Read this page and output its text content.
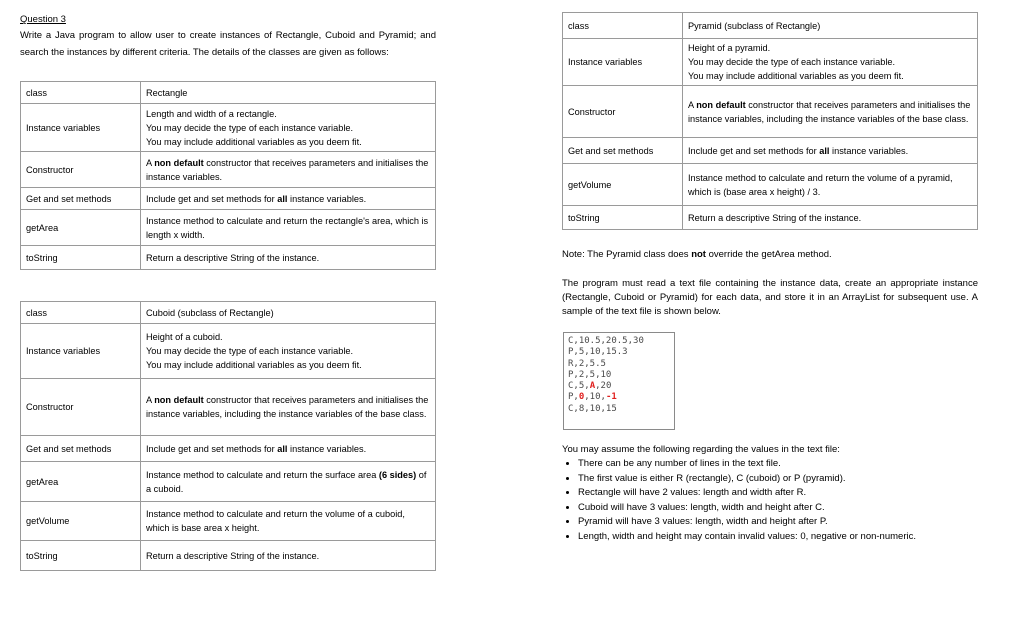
Question 3
Write a Java program to allow user to create instances of Rectangle, Cuboid and Pyramid; and search the instances by different criteria. The details of the classes are given as follows:
class	Rectangle
Instance variables	Length and width of a rectangle.
You may decide the type of each instance variable.
You may include additional variables as you deem fit.

Constructor	A non default constructor that receives parameters and initialises the instance variables.
Get and set methods	Include get and set methods for all instance variables.
getArea	Instance method to calculate and return the rectangle's area, which is length x width.
toString	Return a descriptive String of the instance.
class	Cuboid (subclass of Rectangle)
Instance variables	Height of a cuboid.
You may decide the type of each instance variable.
You may include additional variables as you deem fit.

Constructor	A non default constructor that receives parameters and initialises the instance variables, including the instance variables of the base class.
Get and set methods	Include get and set methods for all instance variables.
getArea	Instance method to calculate and return the surface area (6 sides) of a cuboid.
getVolume	Instance method to calculate and return the volume of a cuboid, which is base area x height.
toString	Return a descriptive String of the instance.
class	Pyramid (subclass of Rectangle)
Instance variables	Height of a pyramid.
You may decide the type of each instance variable.
You may include additional variables as you deem fit.

Constructor	A non default constructor that receives parameters and initialises the instance variables, including the instance variables of the base class.
Get and set methods	Include get and set methods for all instance variables.
getVolume	Instance method to calculate and return the volume of a pyramid, which is (base area x height) / 3.
toString	Return a descriptive String of the instance.
Note: The Pyramid class does not override the getArea method.
The program must read a text file containing the instance data, create an appropriate instance (Rectangle, Cuboid or Pyramid) for each data, and store it in an ArrayList for subsequent use. A sample of the text file is shown below.
C,10.5,20.5,30
P,5,10,15.3
R,2,5.5
P,2,5,10
C,5,A,20
P,0,10,-1
C,8,10,15
You may assume the following regarding the values in the text file:
• There can be any number of lines in the text file.
• The first value is either R (rectangle), C (cuboid) or P (pyramid).
• Rectangle will have 2 values: length and width after R.
• Cuboid will have 3 values: length, width and height after C.
• Pyramid will have 3 values: length, width and height after P.
• Length, width and height may contain invalid values: 0, negative or non-numeric.
